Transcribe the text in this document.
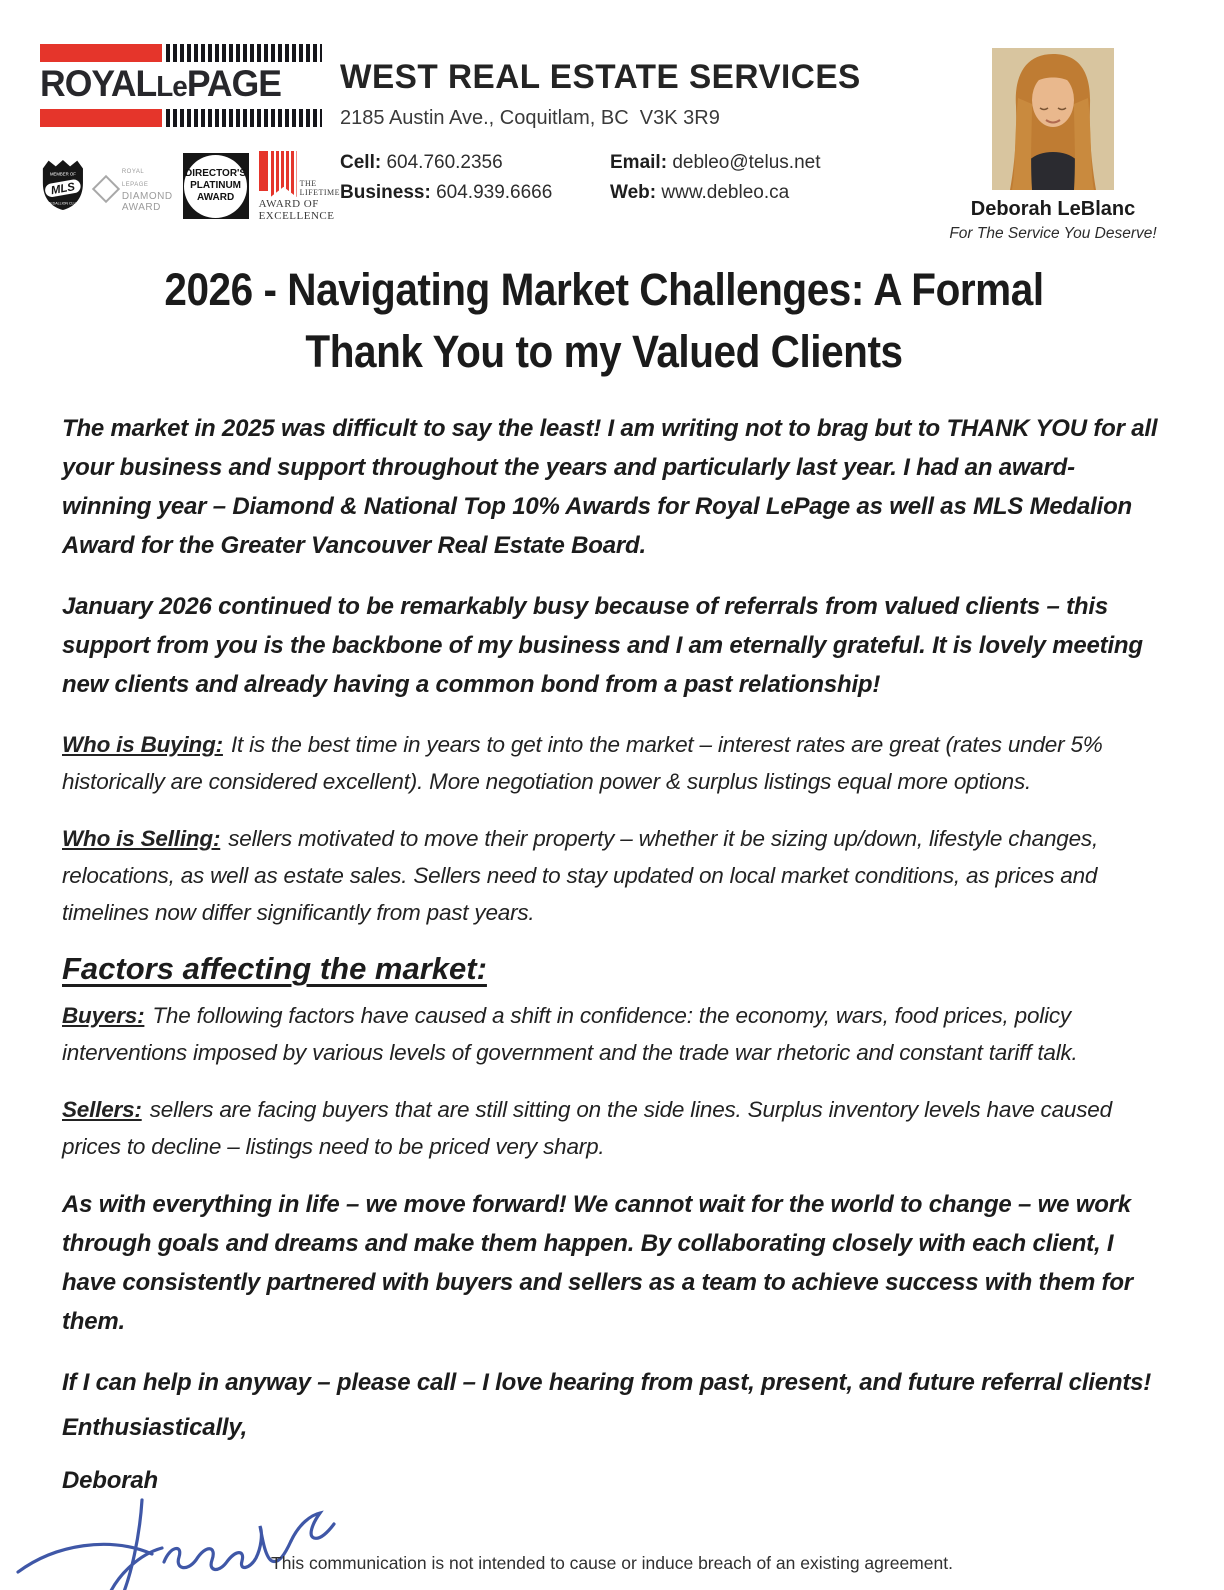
ROYALLePAGE
MEMBER OF
MLS
MEDALLION CLUB
ROYAL LEPAGE
DIAMOND
AWARD
DIRECTOR'S
PLATINUM
AWARD
THE
LIFETIME
AWARD OF
EXCELLENCE
WEST REAL ESTATE SERVICES
2185 Austin Ave., Coquitlam, BC  V3K 3R9
Cell: 604.760.2356
Business: 604.939.6666
Email: debleo@telus.net
Web: www.debleo.ca
Deborah LeBlanc
For The Service You Deserve!
2026 - Navigating Market Challenges: A Formal
Thank You to my Valued Clients

The market in 2025 was difficult to say the least! I am writing not to brag but to THANK YOU for all your business and support throughout the years and particularly last year. I had an award-winning year – Diamond & National Top 10% Awards for Royal LePage as well as MLS Medalion Award for the Greater Vancouver Real Estate Board.

January 2026 continued to be remarkably busy because of referrals from valued clients – this support from you is the backbone of my business and I am eternally grateful. It is lovely meeting new clients and already having a common bond from a past relationship!

Who is Buying: It is the best time in years to get into the market – interest rates are great (rates under 5% historically are considered excellent). More negotiation power & surplus listings equal more options.

Who is Selling: sellers motivated to move their property – whether it be sizing up/down, lifestyle changes, relocations, as well as estate sales. Sellers need to stay updated on local market conditions, as prices and timelines now differ significantly from past years.

Factors affecting the market:

Buyers: The following factors have caused a shift in confidence: the economy, wars, food prices, policy interventions imposed by various levels of government and the trade war rhetoric and constant tariff talk.

Sellers: sellers are facing buyers that are still sitting on the side lines. Surplus inventory levels have caused prices to decline – listings need to be priced very sharp.

As with everything in life – we move forward! We cannot wait for the world to change – we work through goals and dreams and make them happen. By collaborating closely with each client, I have consistently partnered with buyers and sellers as a team to achieve success with them for them.

If I can help in anyway – please call – I love hearing from past, present, and future referral clients!

Enthusiastically,

Deborah

This communication is not intended to cause or induce breach of an existing agreement.
